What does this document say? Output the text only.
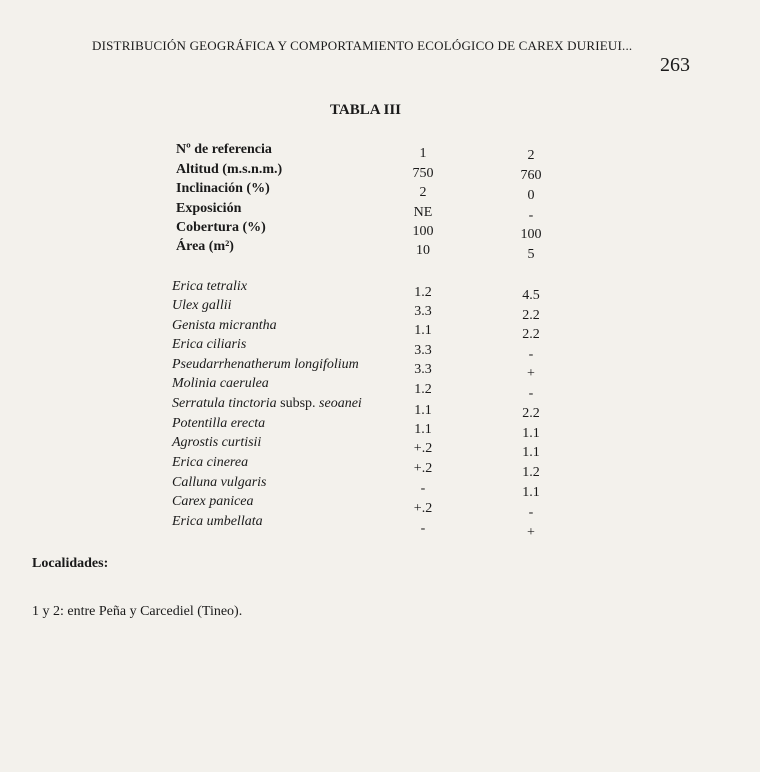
DISTRIBUCIÓN GEOGRÁFICA Y COMPORTAMIENTO ECOLÓGICO DE CAREX DURIEUI...
263
TABLA III
Nº de referencia	1	2
Altitud (m.s.n.m.)	750	760
Inclinación (%)	2	0
Exposición	NE	-
Cobertura (%)	100	100
Área (m²)	10	5
Erica tetralix	1.2	4.5
Ulex gallii	3.3	2.2
Genista micrantha	1.1	2.2
Erica ciliaris	3.3	-
Pseudarrhenatherum longifolium	3.3	+
Molinia caerulea	1.2	-
Serratula tinctoria subsp. seoanei	1.1	2.2
Potentilla erecta	1.1	1.1
Agrostis curtisii	+.2	1.1
Erica cinerea	+.2	1.2
Calluna vulgaris	-	1.1
Carex panicea	+.2	-
Erica umbellata	-	+
Localidades:
1 y 2: entre Peña y Carcediel (Tineo).
